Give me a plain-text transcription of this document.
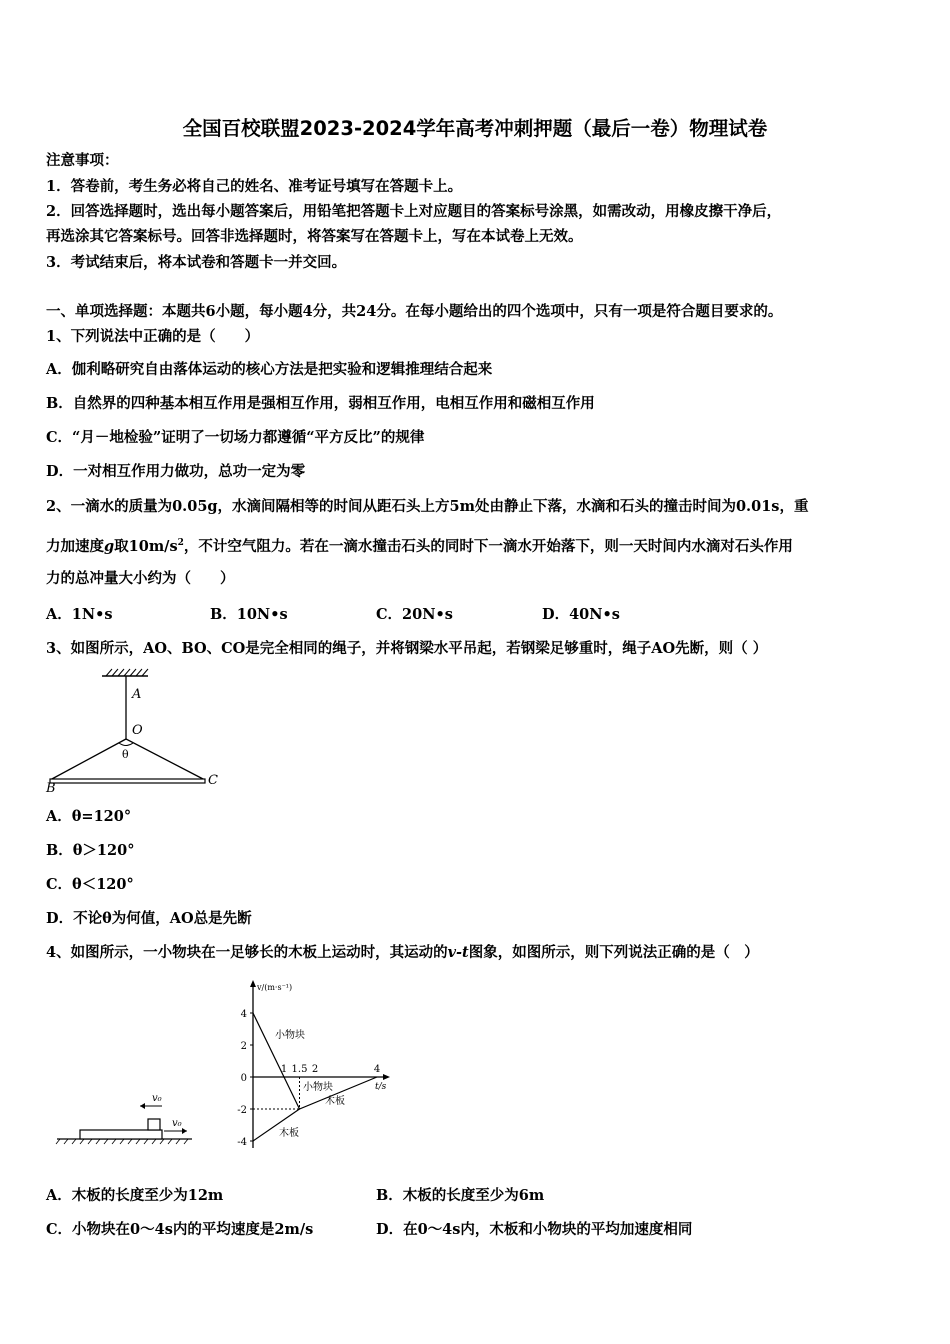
全国百校联盟2023-2024学年高考冲刺押题（最后一卷）物理试卷
注意事项：
1．答卷前，考生务必将自己的姓名、准考证号填写在答题卡上。
2．回答选择题时，选出每小题答案后，用铅笔把答题卡上对应题目的答案标号涂黑，如需改动，用橡皮擦干净后，
再选涂其它答案标号。回答非选择题时，将答案写在答题卡上，写在本试卷上无效。
3．考试结束后，将本试卷和答题卡一并交回。
一、单项选择题：本题共6小题，每小题4分，共24分。在每小题给出的四个选项中，只有一项是符合题目要求的。
1、下列说法中正确的是（　　）
A．伽利略研究自由落体运动的核心方法是把实验和逻辑推理结合起来
B．自然界的四种基本相互作用是强相互作用，弱相互作用，电相互作用和磁相互作用
C．“月－地检验”证明了一切场力都遵循“平方反比”的规律
D．一对相互作用力做功，总功一定为零
2、一滴水的质量为0.05g，水滴间隔相等的时间从距石头上方5m处由静止下落，水滴和石头的撞击时间为0.01s，重
力加速度g取$10m/s^2$，不计空气阻力。若在一滴水撞击石头的同时下一滴水开始落下，则一天时间内水滴对石头作用
力的总冲量大小约为（　　）
A．1N•s	B．10N•s	C．20N•s	D．40N•s
3、如图所示，AO、BO、CO是完全相同的绳子，并将钢梁水平吊起，若钢梁足够重时，绳子AO先断，则（ ）
A
O
θ
B
C
A．θ=120°
B．θ＞120°
C．θ＜120°
D．不论θ为何值，AO总是先断
4、如图所示，一小物块在一足够长的木板上运动时，其运动的v-t图象，如图所示，则下列说法正确的是（　）
v₀
v₀
v/(m·s⁻¹)
t/s
4
2
0
-2
-4
1 1.5 2	4
小物块
小物块
木板
木板
A．木板的长度至少为12m	B．木板的长度至少为6m
C．小物块在0～4s内的平均速度是2m/s	D．在0～4s内，木板和小物块的平均加速度相同
